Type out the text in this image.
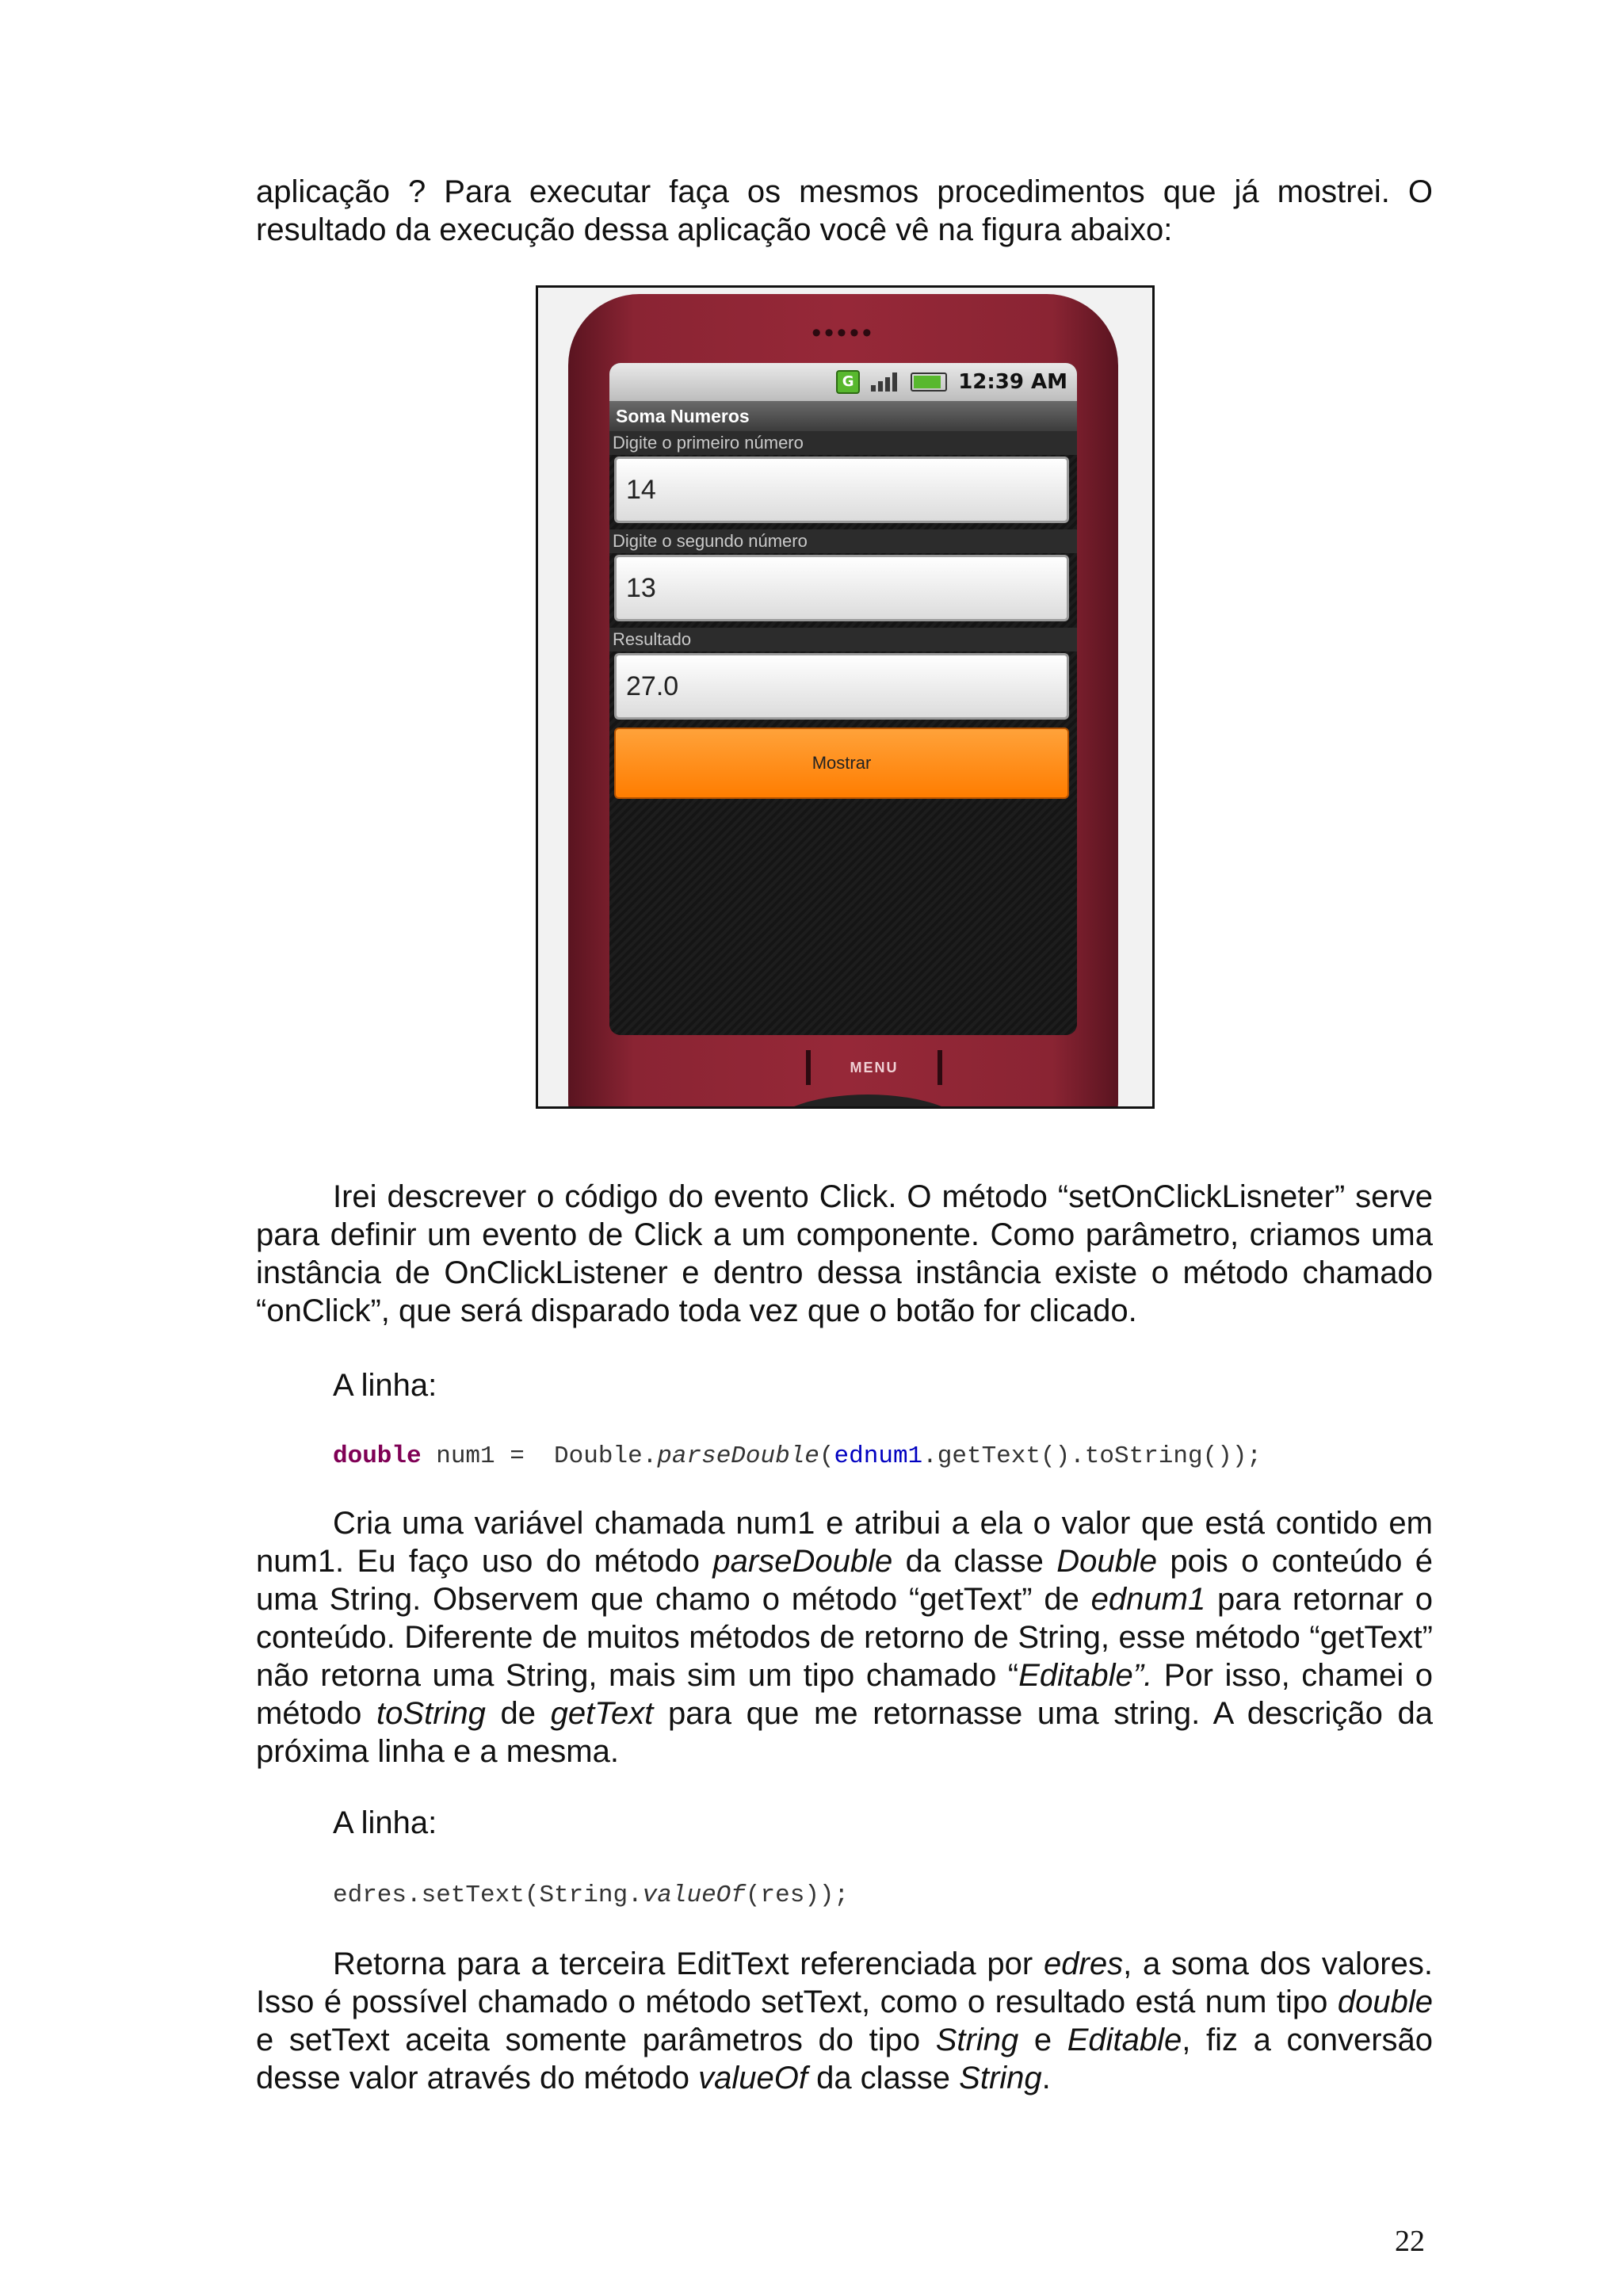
aplicação ? Para executar faça os mesmos procedimentos que já mostrei. O resultado da execução dessa aplicação você vê na figura abaixo:

•••••
G	12:39 AM
Soma Numeros
Digite o primeiro número
14
Digite o segundo número
13
Resultado
27.0
Mostrar
MENU

Irei descrever o código do evento Click. O método “setOnClickLisneter” serve para definir um evento de Click a um componente. Como parâmetro, criamos uma instância de OnClickListener e dentro dessa instância existe o método chamado “onClick”, que será disparado toda vez que o botão for clicado.

A linha:

double num1 =  Double.parseDouble(ednum1.getText().toString());

Cria uma variável chamada num1 e atribui a ela o valor que está contido em num1. Eu faço uso do método parseDouble da classe Double pois o conteúdo é uma String. Observem que chamo o método “getText” de ednum1 para retornar o conteúdo. Diferente de muitos métodos de retorno de String, esse método “getText” não retorna uma String, mais sim um tipo chamado “Editable”. Por isso, chamei o método toString de getText para que me retornasse uma string. A descrição da próxima linha e a mesma.

A linha:

edres.setText(String.valueOf(res));

Retorna para a terceira EditText referenciada por edres, a soma dos valores. Isso é possível chamado o método setText, como o resultado está num tipo double e setText aceita somente parâmetros do tipo String e Editable, fiz a conversão desse valor através do método valueOf da classe String.

22
